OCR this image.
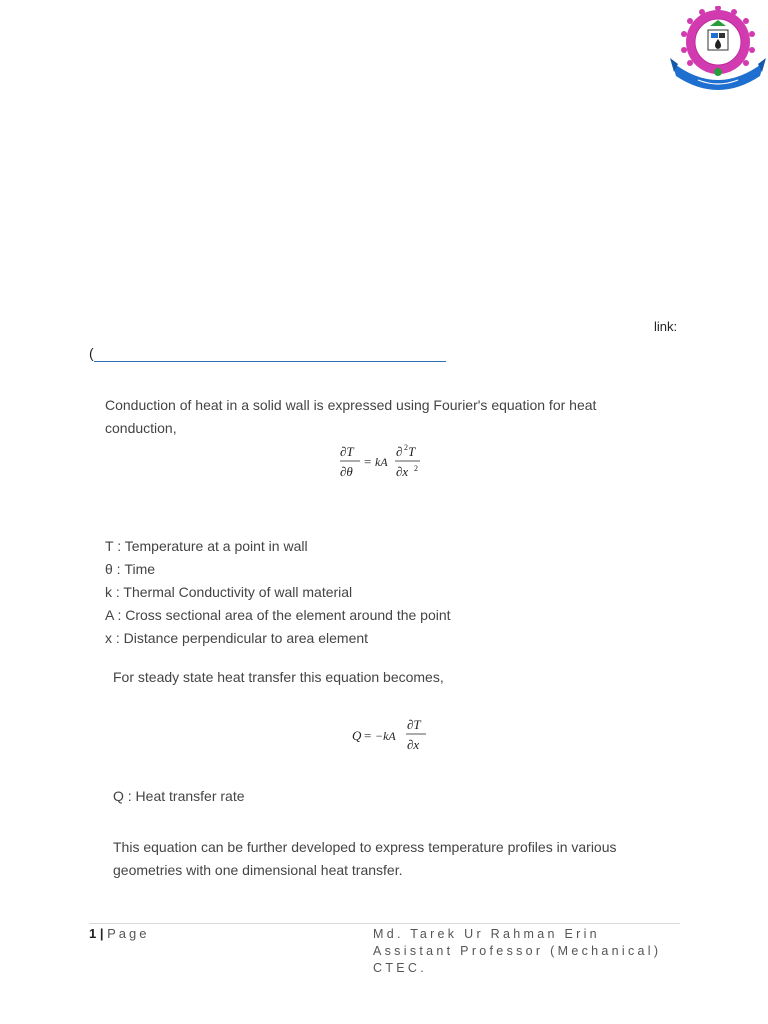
link:
(
Conduction of heat in a solid wall is expressed using Fourier's equation for heat
conduction,
∂T
∂θ
= kA
∂ 2 T
∂x 2
T : Temperature at a point in wall
θ : Time
k : Thermal Conductivity of wall material
A : Cross sectional area of the element around the point
x : Distance perpendicular to area element
For steady state heat transfer this equation becomes,
Q = −kA
∂T
∂x
Q : Heat transfer rate
This equation can be further developed to express temperature profiles in various
geometries with one dimensional heat transfer.
1 | Page	Md. Tarek Ur Rahman Erin
Assistant Professor (Mechanical)
CTEC.
